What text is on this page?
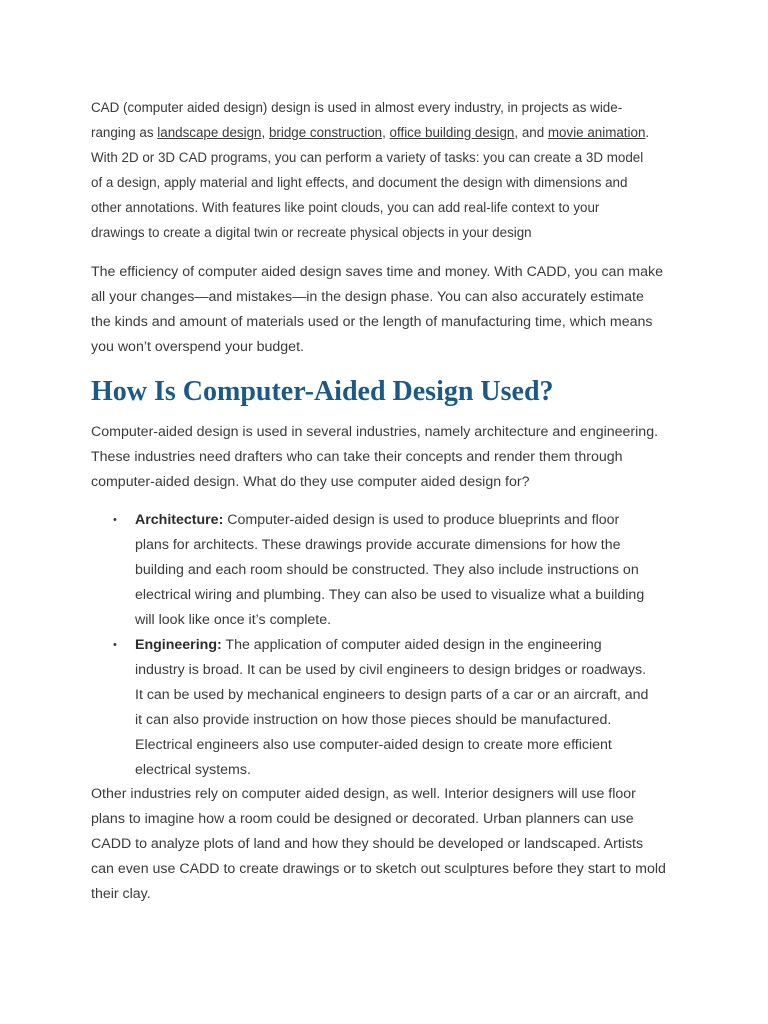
CAD (computer aided design) design is used in almost every industry, in projects as wide-ranging as landscape design, bridge construction, office building design, and movie animation. With 2D or 3D CAD programs, you can perform a variety of tasks: you can create a 3D model of a design, apply material and light effects, and document the design with dimensions and other annotations. With features like point clouds, you can add real-life context to your drawings to create a digital twin or recreate physical objects in your design

The efficiency of computer aided design saves time and money. With CADD, you can make all your changes—and mistakes—in the design phase. You can also accurately estimate the kinds and amount of materials used or the length of manufacturing time, which means you won’t overspend your budget.

How Is Computer-Aided Design Used?

Computer-aided design is used in several industries, namely architecture and engineering. These industries need drafters who can take their concepts and render them through computer-aided design. What do they use computer aided design for?

• Architecture: Computer-aided design is used to produce blueprints and floor plans for architects. These drawings provide accurate dimensions for how the building and each room should be constructed. They also include instructions on electrical wiring and plumbing. They can also be used to visualize what a building will look like once it’s complete.
• Engineering: The application of computer aided design in the engineering industry is broad. It can be used by civil engineers to design bridges or roadways. It can be used by mechanical engineers to design parts of a car or an aircraft, and it can also provide instruction on how those pieces should be manufactured. Electrical engineers also use computer-aided design to create more efficient electrical systems.

Other industries rely on computer aided design, as well. Interior designers will use floor plans to imagine how a room could be designed or decorated. Urban planners can use CADD to analyze plots of land and how they should be developed or landscaped. Artists can even use CADD to create drawings or to sketch out sculptures before they start to mold their clay.
